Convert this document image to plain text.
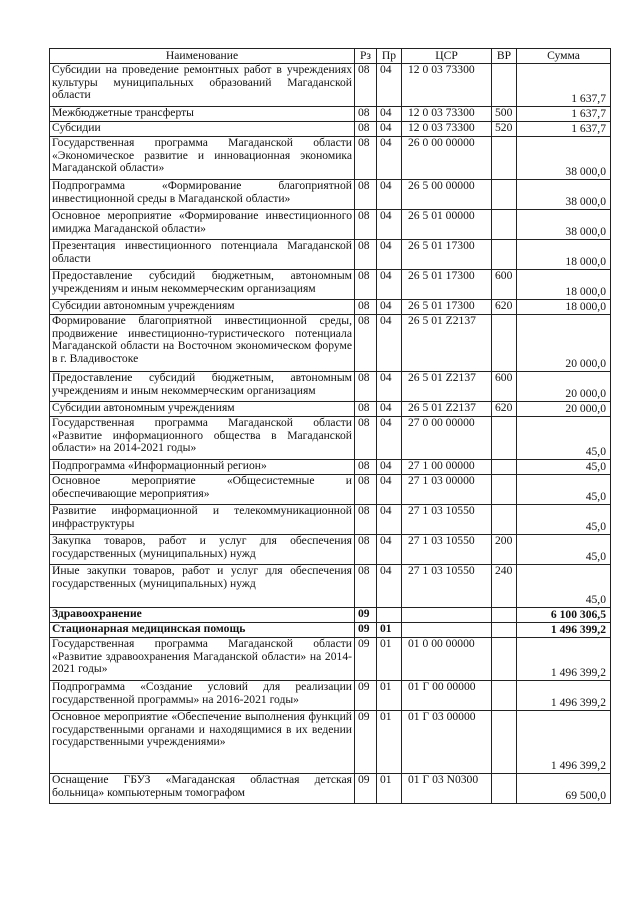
Наименование	Рз	Пр	ЦСР	ВР	Сумма
Субсидии на проведение ремонтных работ в учреждениях культуры муниципальных образований Магаданской области	08	04	12 0 03 73300		1 637,7
Межбюджетные трансферты	08	04	12 0 03 73300	500	1 637,7
Субсидии	08	04	12 0 03 73300	520	1 637,7
Государственная программа Магаданской области «Экономическое развитие и инновационная экономика Магаданской области»	08	04	26 0 00 00000		38 000,0
Подпрограмма «Формирование благоприятной инвестиционной среды в Магаданской области»	08	04	26 5 00 00000		38 000,0
Основное мероприятие «Формирование инвестиционного имиджа Магаданской области»	08	04	26 5 01 00000		38 000,0
Презентация инвестиционного потенциала Магаданской области	08	04	26 5 01 17300		18 000,0
Предоставление субсидий бюджетным, автономным учреждениям и иным некоммерческим организациям	08	04	26 5 01 17300	600	18 000,0
Субсидии автономным учреждениям	08	04	26 5 01 17300	620	18 000,0
Формирование благоприятной инвестиционной среды, продвижение инвестиционно-туристического потенциала Магаданской области на Восточном экономическом форуме в г. Владивостоке	08	04	26 5 01 Z2137		20 000,0
Предоставление субсидий бюджетным, автономным учреждениям и иным некоммерческим организациям	08	04	26 5 01 Z2137	600	20 000,0
Субсидии автономным учреждениям	08	04	26 5 01 Z2137	620	20 000,0
Государственная программа Магаданской области «Развитие информационного общества в Магаданской области» на 2014-2021 годы»	08	04	27 0 00 00000		45,0
Подпрограмма «Информационный регион»	08	04	27 1 00 00000		45,0
Основное мероприятие «Общесистемные и обеспечивающие мероприятия»	08	04	27 1 03 00000		45,0
Развитие информационной и телекоммуникационной инфраструктуры	08	04	27 1 03 10550		45,0
Закупка товаров, работ и услуг для обеспечения государственных (муниципальных) нужд	08	04	27 1 03 10550	200	45,0
Иные закупки товаров, работ и услуг для обеспечения государственных (муниципальных) нужд	08	04	27 1 03 10550	240	45,0
Здравоохранение	09				6 100 306,5
Стационарная медицинская помощь	09	01			1 496 399,2
Государственная программа Магаданской области «Развитие здравоохранения Магаданской области» на 2014-2021 годы»	09	01	01 0 00 00000		1 496 399,2
Подпрограмма «Создание условий для реализации государственной программы» на 2016-2021 годы»	09	01	01 Г 00 00000		1 496 399,2
Основное мероприятие «Обеспечение выполнения функций государственными органами и находящимися в их ведении государственными учреждениями»	09	01	01 Г 03 00000		1 496 399,2
Оснащение ГБУЗ «Магаданская областная детская больница» компьютерным томографом	09	01	01 Г 03 N0300		69 500,0
